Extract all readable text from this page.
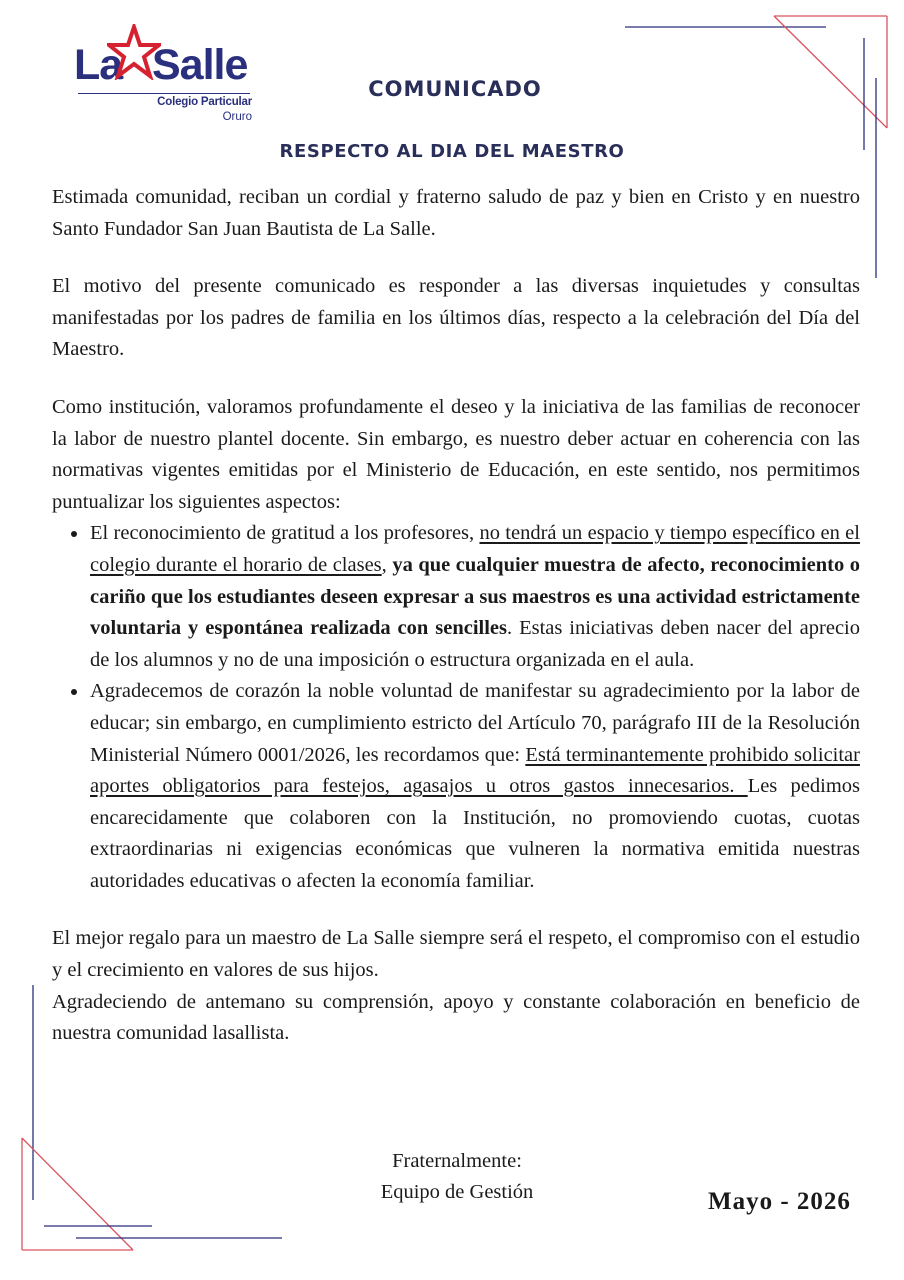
La Salle
Colegio Particular
Oruro
COMUNICADO
RESPECTO AL DIA DEL MAESTRO

Estimada comunidad, reciban un cordial y fraterno saludo de paz y bien en Cristo y en nuestro Santo Fundador San Juan Bautista de La Salle.

El motivo del presente comunicado es responder a las diversas inquietudes y consultas manifestadas por los padres de familia en los últimos días, respecto a la celebración del Día del Maestro.

Como institución, valoramos profundamente el deseo y la iniciativa de las familias de reconocer la labor de nuestro plantel docente. Sin embargo, es nuestro deber actuar en coherencia con las normativas vigentes emitidas por el Ministerio de Educación, en este sentido, nos permitimos puntualizar los siguientes aspectos:

El reconocimiento de gratitud a los profesores, no tendrá un espacio y tiempo específico en el colegio durante el horario de clases, ya que cualquier muestra de afecto, reconocimiento o cariño que los estudiantes deseen expresar a sus maestros es una actividad estrictamente voluntaria y espontánea realizada con sencilles. Estas iniciativas deben nacer del aprecio de los alumnos y no de una imposición o estructura organizada en el aula.
Agradecemos de corazón la noble voluntad de manifestar su agradecimiento por la labor de educar; sin embargo, en cumplimiento estricto del Artículo 70, parágrafo III de la Resolución Ministerial Número 0001/2026, les recordamos que: Está terminantemente prohibido solicitar aportes obligatorios para festejos, agasajos u otros gastos innecesarios. Les pedimos encarecidamente que colaboren con la Institución, no promoviendo cuotas, cuotas extraordinarias ni exigencias económicas que vulneren la normativa emitida nuestras autoridades educativas o afecten la economía familiar.

El mejor regalo para un maestro de La Salle siempre será el respeto, el compromiso con el estudio y el crecimiento en valores de sus hijos.

Agradeciendo de antemano su comprensión, apoyo y constante colaboración en beneficio de nuestra comunidad lasallista.

Fraternalmente:
Equipo de Gestión	Mayo - 2026
